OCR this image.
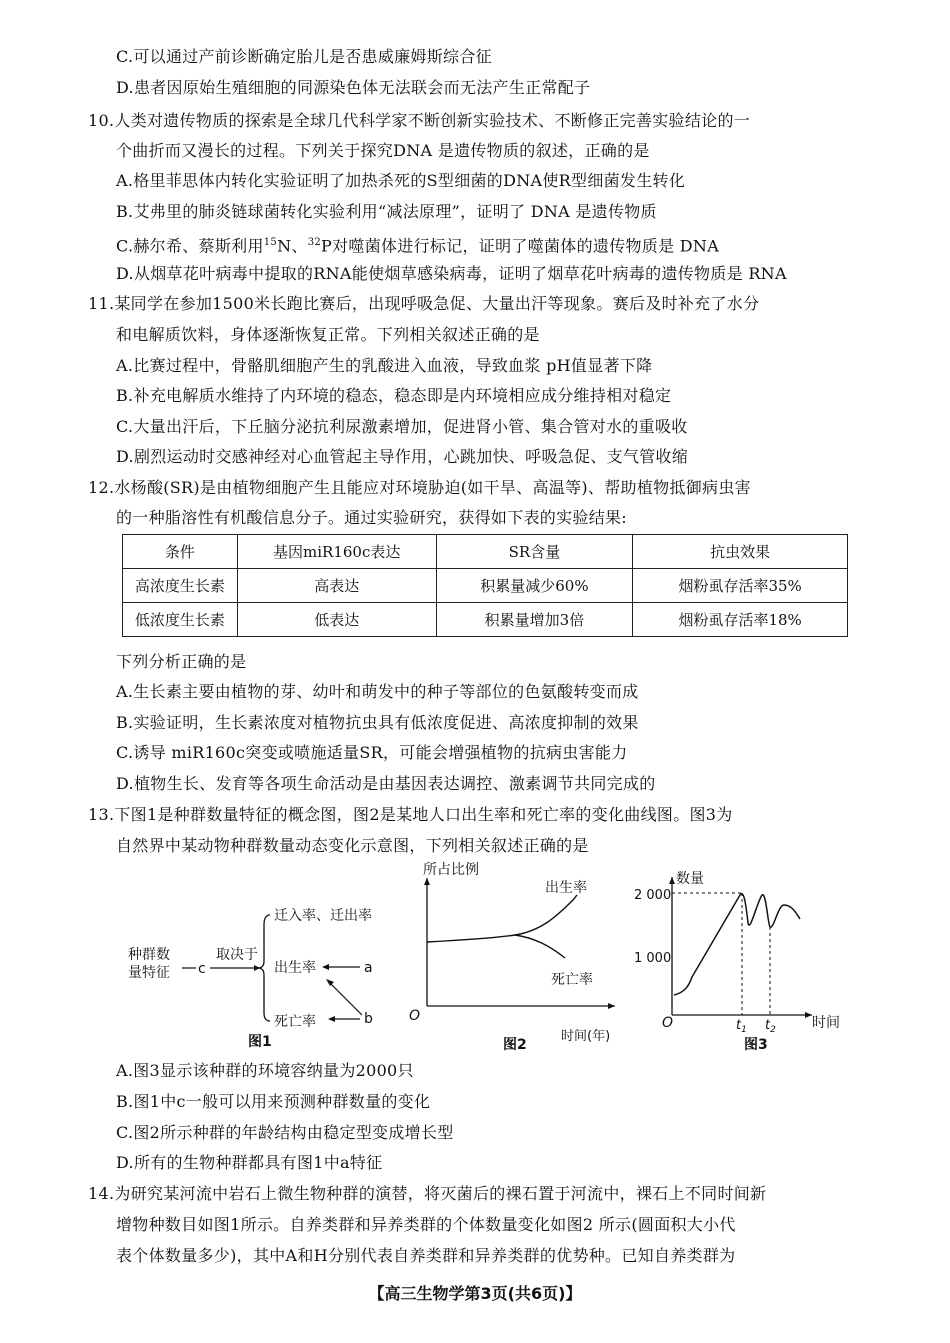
C.可以通过产前诊断确定胎儿是否患威廉姆斯综合征
D.患者因原始生殖细胞的同源染色体无法联会而无法产生正常配子
10.人类对遗传物质的探索是全球几代科学家不断创新实验技术、不断修正完善实验结论的一
个曲折而又漫长的过程。下列关于探究DNA 是遗传物质的叙述，正确的是
A.格里菲思体内转化实验证明了加热杀死的S型细菌的DNA使R型细菌发生转化
B.艾弗里的肺炎链球菌转化实验利用“减法原理”，证明了 DNA 是遗传物质
C.赫尔希、蔡斯利用$^{15}$N、$^{32}$P对噬菌体进行标记，证明了噬菌体的遗传物质是 DNA
D.从烟草花叶病毒中提取的RNA能使烟草感染病毒，证明了烟草花叶病毒的遗传物质是 RNA
11.某同学在参加1500米长跑比赛后，出现呼吸急促、大量出汗等现象。赛后及时补充了水分
和电解质饮料，身体逐渐恢复正常。下列相关叙述正确的是
A.比赛过程中，骨骼肌细胞产生的乳酸进入血液，导致血浆 pH值显著下降
B.补充电解质水维持了内环境的稳态，稳态即是内环境相应成分维持相对稳定
C.大量出汗后，下丘脑分泌抗利尿激素增加，促进肾小管、集合管对水的重吸收
D.剧烈运动时交感神经对心血管起主导作用，心跳加快、呼吸急促、支气管收缩
12.水杨酸(SR)是由植物细胞产生且能应对环境胁迫(如干旱、高温等)、帮助植物抵御病虫害
的一种脂溶性有机酸信息分子。通过实验研究，获得如下表的实验结果:
条件	基因miR160c表达	SR含量	抗虫效果
高浓度生长素	高表达	积累量减少60%	烟粉虱存活率35%
低浓度生长素	低表达	积累量增加3倍	烟粉虱存活率18%
下列分析正确的是
A.生长素主要由植物的芽、幼叶和萌发中的种子等部位的色氨酸转变而成
B.实验证明，生长素浓度对植物抗虫具有低浓度促进、高浓度抑制的效果
C.诱导 miR160c突变或喷施适量SR，可能会增强植物的抗病虫害能力
D.植物生长、发育等各项生命活动是由基因表达调控、激素调节共同完成的
13.下图1是种群数量特征的概念图，图2是某地人口出生率和死亡率的变化曲线图。图3为
自然界中某动物种群数量动态变化示意图，下列相关叙述正确的是
种群数
量特征 c
取决于
迁入率、迁出率
出生率
死亡率
a
b
图1
所占比例
O
时间(年)
出生率
死亡率
图2
数量
2 000
1 000
O	时间
$t_1$ $t_2$
图3
A.图3显示该种群的环境容纳量为2000只
B.图1中c一般可以用来预测种群数量的变化
C.图2所示种群的年龄结构由稳定型变成增长型
D.所有的生物种群都具有图1中a特征
14.为研究某河流中岩石上微生物种群的演替，将灭菌后的裸石置于河流中，裸石上不同时间新
增物种数目如图1所示。自养类群和异养类群的个体数量变化如图2 所示(圆面积大小代
表个体数量多少)，其中A和H分别代表自养类群和异养类群的优势种。已知自养类群为
【高三生物学第3页(共6页)】
